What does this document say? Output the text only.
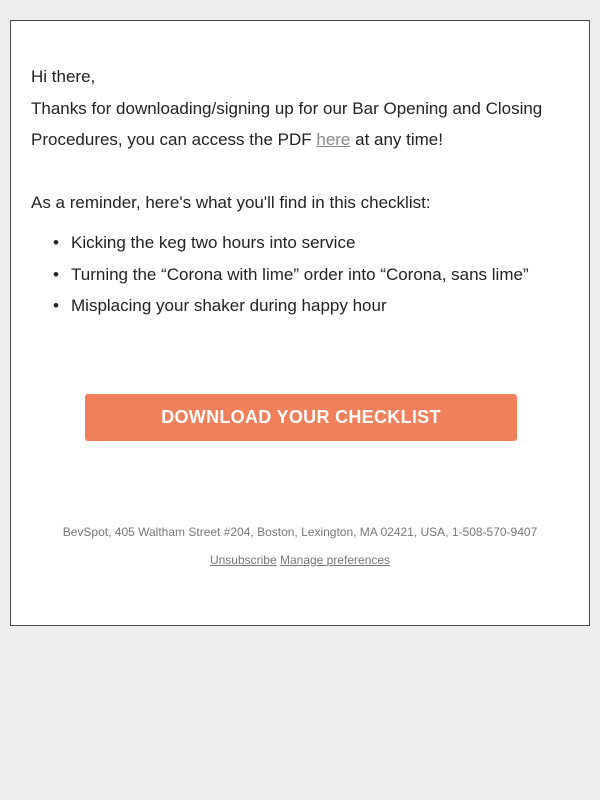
Hi there,

Thanks for downloading/signing up for our Bar Opening and Closing Procedures, you can access the PDF here at any time!

As a reminder, here's what you'll find in this checklist:

• Kicking the keg two hours into service
• Turning the “Corona with lime” order into “Corona, sans lime”
• Misplacing your shaker during happy hour
DOWNLOAD YOUR CHECKLIST
BevSpot, 405 Waltham Street #204, Boston, Lexington, MA 02421, USA, 1-508-570-9407
Unsubscribe Manage preferences
